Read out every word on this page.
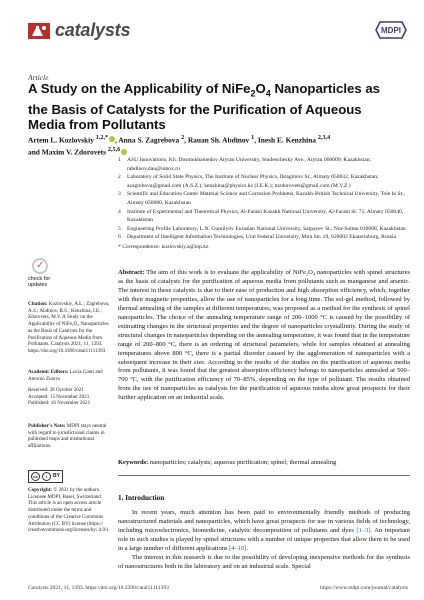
catalysts	MDPI
Article
A Study on the Applicability of $NiFe_2O_4$ Nanoparticles as the Basis of Catalysts for the Purification of Aqueous Media from Pollutants
Artem L. Kozlovskiy $^{1,2,*}$ , Anna S. Zagrebova $^2$, Rauan Sh. Abdinov $^1$, Inesh E. Kenzhina $^{2,3,4}$
and Maxim V. Zdorovets $^{2,5,6}$
1	ASU Innovations, Kh. Dosmukhamedov Atyrau University, Studenchesky Ave., Atyrau 060009, Kazakhstan; rabdinov.dau@inbox.ru
2	Laboratory of Solid State Physics, The Institute of Nuclear Physics, Ibragimov St., Almaty 050032, Kazakhstan; azagrebova@gmail.com (A.S.Z.); kenzhina@physics.kz (I.E.K.); mzdorovets@gmail.com (M.V.Z.)
3	Scientific and Education Center Material Science and Corrosion Problems, Kazakh-British Technical University, Tole bi St., Almaty 050000, Kazakhstan
4	Institute of Experimental and Theoretical Physics, Al-Farabi Kazakh National University, Al-Farabi St. 71, Almaty 050040, Kazakhstan
5	Engineering Profile Laboratory, L.N. Gumilyov Eurasian National University, Satpayev St., Nur-Sultan 010008, Kazakhstan
6	Department of Intelligent Information Technologies, Ural Federal University, Mira Str. 19, 620002 Ekaterinburg, Russia
* Correspondence: kozlovskiy.a@inp.kz
✓
check for updates
Citation: Kozlovskiy, A.L.; Zagrebova, A.S.; Abdinov, R.S.; Kenzhina, I.E.; Zdorovets, M.V. A Study on the Applicability of NiFe₂O₄ Nanoparticles as the Basis of Catalysts for the Purification of Aqueous Media from Pollutants. Catalysts 2021, 11, 1393. https://doi.org/10.3390/catal11111393
Academic Editors: Lucia Conti and Antonio Zuorro
Received: 28 October 2021
Accepted: 15 November 2021
Published: 16 November 2021
Publisher's Note: MDPI stays neutral with regard to jurisdictional claims in published maps and institutional affiliations.
cc	i	BY
Copyright: © 2021 by the authors. Licensee MDPI, Basel, Switzerland. This article is an open access article distributed under the terms and conditions of the Creative Commons Attribution (CC BY) license (https:// creativecommons.org/licenses/by/ 4.0/).
Abstract: The aim of this work is to evaluate the applicability of NiFe₂O₄ nanoparticles with spinel structures as the basis of catalysts for the purification of aqueous media from pollutants such as manganese and arsenic. The interest in these catalysts is due to their ease of production and high absorption efficiency, which, together with their magnetic properties, allow the use of nanoparticles for a long time. The sol-gel method, followed by thermal annealing of the samples at different temperatures, was proposed as a method for the synthesis of spinel nanoparticles. The choice of the annealing temperature range of 200–1000 °C is caused by the possibility of estimating changes in the structural properties and the degree of nanoparticles crystallinity. During the study of structural changes in nanoparticles depending on the annealing temperature, it was found that in the temperature range of 200–800 °C, there is an ordering of structural parameters, while for samples obtained at annealing temperatures above 800 °C, there is a partial disorder caused by the agglomeration of nanoparticles with a subsequent increase in their size. According to the results of the studies on the purification of aqueous media from pollutants, it was found that the greatest absorption efficiency belongs to nanoparticles annealed at 500–700 °C, with the purification efficiency of 70–85%, depending on the type of pollutant. The results obtained from the use of nanoparticles as catalysts for the purification of aqueous media show great prospects for their further application on an industrial scale.
Keywords: nanoparticles; catalysts; aqueous purification; spinel; thermal annealing
1. Introduction

In recent years, much attention has been paid to environmentally friendly methods of producing nanostructured materials and nanoparticles, which have great prospects for use in various fields of technology, including microelectronics, biomedicine, catalytic decomposition of pollutants and dyes [1–3]. An important role in such studies is played by spinel structures with a number of unique properties that allow them to be used in a large number of different applications [4–10].

The interest in this research is due to the possibility of developing inexpensive methods for the synthesis of nanostructures both in the laboratory and on an industrial scale. Special

Catalysts 2021, 11, 1393. https://doi.org/10.3390/catal11111393	https://www.mdpi.com/journal/catalysts
